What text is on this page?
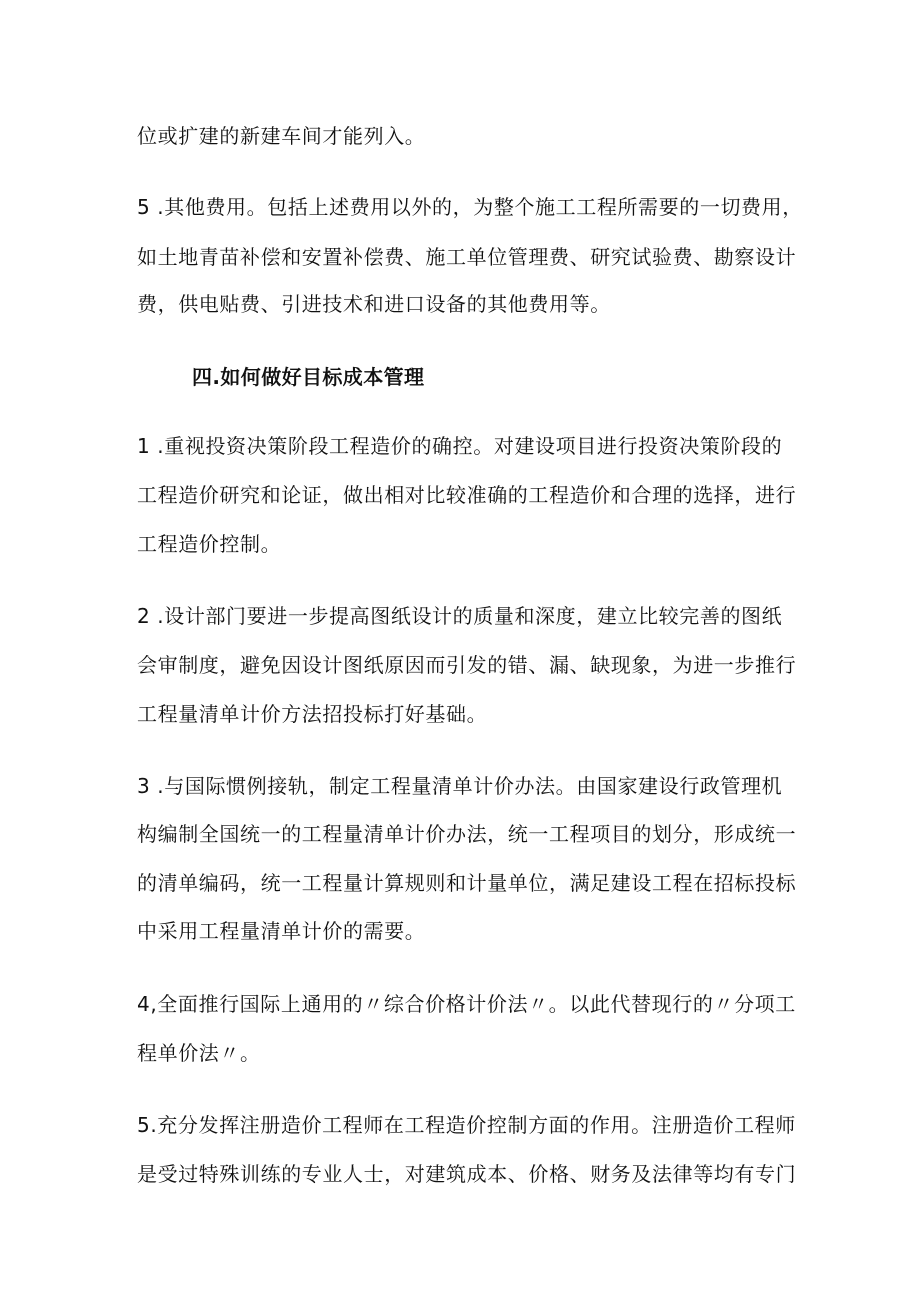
位或扩建的新建车间才能列入。

5 .其他费用。包括上述费用以外的，为整个施工工程所需要的一切费用，

如土地青苗补偿和安置补偿费、施工单位管理费、研究试验费、勘察设计

费，供电贴费、引进技术和进口设备的其他费用等。

四.如何做好目标成本管理

1 .重视投资决策阶段工程造价的确控。对建设项目进行投资决策阶段的

工程造价研究和论证，做出相对比较准确的工程造价和合理的选择，进行

工程造价控制。

2 .设计部门要进一步提高图纸设计的质量和深度，建立比较完善的图纸

会审制度，避免因设计图纸原因而引发的错、漏、缺现象，为进一步推行

工程量清单计价方法招投标打好基础。

3 .与国际惯例接轨，制定工程量清单计价办法。由国家建设行政管理机

构编制全国统一的工程量清单计价办法，统一工程项目的划分，形成统一

的清单编码，统一工程量计算规则和计量单位，满足建设工程在招标投标

中采用工程量清单计价的需要。

4,全面推行国际上通用的〃综合价格计价法〃。以此代替现行的〃分项工

程单价法〃。

5.充分发挥注册造价工程师在工程造价控制方面的作用。注册造价工程师

是受过特殊训练的专业人士，对建筑成本、价格、财务及法律等均有专门
